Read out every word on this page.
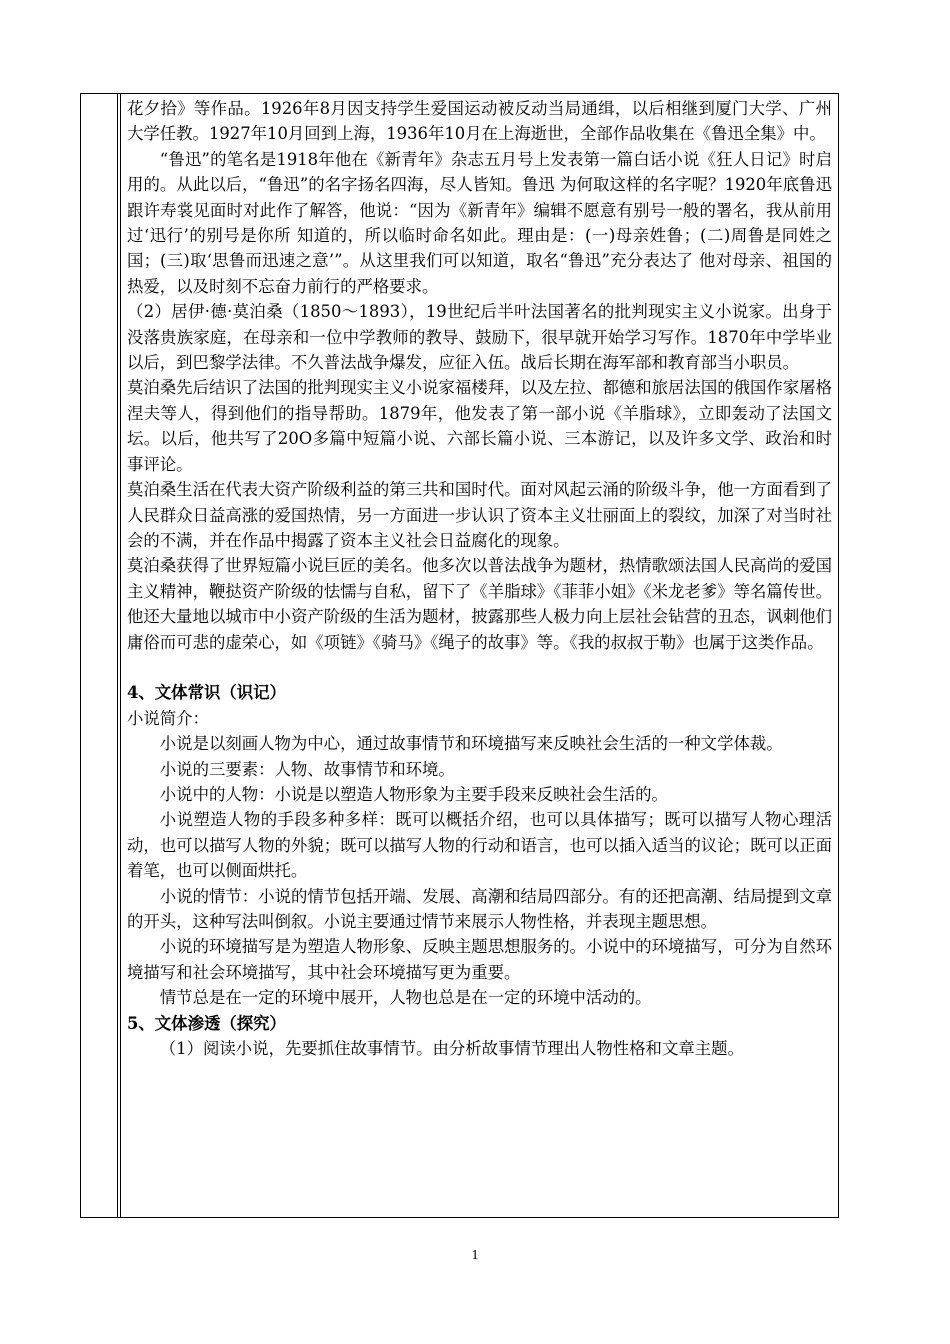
花夕拾》等作品。1926年8月因支持学生爱国运动被反动当局通缉，以后相继到厦门大学、广州大学任教。1927年10月回到上海，1936年10月在上海逝世，全部作品收集在《鲁迅全集》中。

“鲁迅”的笔名是1918年他在《新青年》杂志五月号上发表第一篇白话小说《狂人日记》时启用的。从此以后，“鲁迅”的名字扬名四海，尽人皆知。鲁迅 为何取这样的名字呢？1920年底鲁迅跟许寿裳见面时对此作了解答，他说：“因为《新青年》编辑不愿意有别号一般的署名，我从前用过‘迅行’的别号是你所 知道的，所以临时命名如此。理由是：(一)母亲姓鲁；(二)周鲁是同姓之国；(三)取‘思鲁而迅速之意’”。从这里我们可以知道，取名“鲁迅”充分表达了 他对母亲、祖国的热爱，以及时刻不忘奋力前行的严格要求。

（2）居伊·德·莫泊桑（1850～1893），19世纪后半叶法国著名的批判现实主义小说家。出身于没落贵族家庭，在母亲和一位中学教师的教导、鼓励下，很早就开始学习写作。1870年中学毕业以后，到巴黎学法律。不久普法战争爆发，应征入伍。战后长期在海军部和教育部当小职员。

莫泊桑先后结识了法国的批判现实主义小说家福楼拜，以及左拉、都德和旅居法国的俄国作家屠格涅夫等人，得到他们的指导帮助。1879年，他发表了第一部小说《羊脂球》，立即轰动了法国文坛。以后，他共写了20O多篇中短篇小说、六部长篇小说、三本游记，以及许多文学、政治和时事评论。

莫泊桑生活在代表大资产阶级利益的第三共和国时代。面对风起云涌的阶级斗争，他一方面看到了人民群众日益高涨的爱国热情，另一方面进一步认识了资本主义壮丽面上的裂纹，加深了对当时社会的不满，并在作品中揭露了资本主义社会日益腐化的现象。

莫泊桑获得了世界短篇小说巨匠的美名。他多次以普法战争为题材，热情歌颂法国人民高尚的爱国主义精神，鞭挞资产阶级的怯懦与自私，留下了《羊脂球》《菲菲小姐》《米龙老爹》等名篇传世。他还大量地以城市中小资产阶级的生活为题材，披露那些人极力向上层社会钻营的丑态，讽刺他们庸俗而可悲的虚荣心，如《项链》《骑马》《绳子的故事》等。《我的叔叔于勒》也属于这类作品。

4、文体常识（识记）

小说简介：

小说是以刻画人物为中心，通过故事情节和环境描写来反映社会生活的一种文学体裁。

小说的三要素：人物、故事情节和环境。

小说中的人物：小说是以塑造人物形象为主要手段来反映社会生活的。

小说塑造人物的手段多种多样：既可以概括介绍，也可以具体描写；既可以描写人物心理活动，也可以描写人物的外貌；既可以描写人物的行动和语言，也可以插入适当的议论；既可以正面着笔，也可以侧面烘托。

小说的情节：小说的情节包括开端、发展、高潮和结局四部分。有的还把高潮、结局提到文章的开头，这种写法叫倒叙。小说主要通过情节来展示人物性格，并表现主题思想。

小说的环境描写是为塑造人物形象、反映主题思想服务的。小说中的环境描写，可分为自然环境描写和社会环境描写，其中社会环境描写更为重要。

情节总是在一定的环境中展开，人物也总是在一定的环境中活动的。

5、文体渗透（探究）

（1）阅读小说，先要抓住故事情节。由分析故事情节理出人物性格和文章主题。

1
